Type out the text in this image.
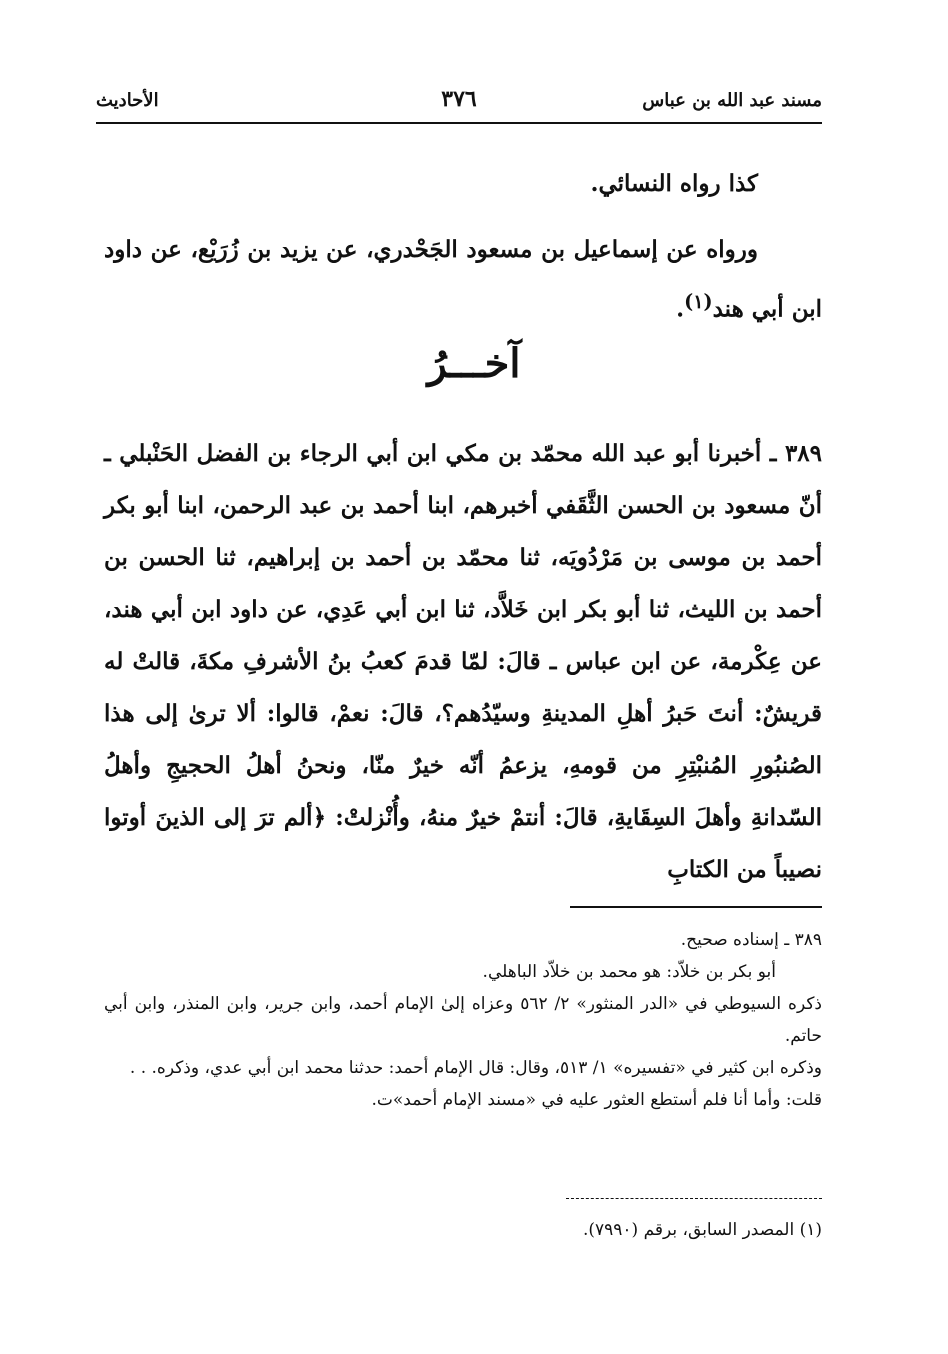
مسند عبد الله بن عباس
٣٧٦
الأحاديث
كذا رواه النسائي.
ورواه عن إسماعيل بن مسعود الجَحْدري، عن يزيد بن زُرَيْع، عن داود ابن أبي هند$^{(١)}$.
آخـــرُ
٣٨٩ ـ أخبرنا أبو عبد الله محمّد بن مكي ابن أبي الرجاء بن الفضل الحَنْبلي ـ أنّ مسعود بن الحسن الثَّقَفي أخبرهم، ابنا أحمد بن عبد الرحمن، ابنا أبو بكر أحمد بن موسى بن مَرْدُويَه، ثنا محمّد بن أحمد بن إبراهيم، ثنا الحسن بن أحمد بن الليث، ثنا أبو بكر ابن خَلاَّد، ثنا ابن أبي عَدِي، عن داود ابن أبي هند، عن عِكْرمة، عن ابن عباس ـ قالَ: لمّا قدمَ كعبُ بنُ الأشرفِ مكةَ، قالتْ له قريشٌ: أنتَ حَبرُ أهلِ المدينةِ وسيّدُهم؟، قالَ: نعمْ، قالوا: ألا ترىٰ إلى هذا الصُنبُورِ المُنبْتِرِ من قومهِ، يزعمُ أنّه خيرٌ منّا، ونحنُ أهلُ الحجيجِ وأهلُ السّدانةِ وأهلَ السِقَايةِ، قالَ: أنتمْ خيرٌ منهُ، وأُنْزلتْ: ﴿ألم ترَ إلى الذينَ أوتوا نصيباً من الكتابِ

٣٨٩ ـ إسناده صحيح.

أبو بكر بن خلاّد: هو محمد بن خلاّد الباهلي.

ذكره السيوطي في «الدر المنثور» ٢/ ٥٦٢ وعزاه إلىٰ الإمام أحمد، وابن جرير، وابن المنذر، وابن أبي حاتم.

وذكره ابن كثير في «تفسيره» ١/ ٥١٣، وقال: قال الإمام أحمد: حدثنا محمد ابن أبي عدي، وذكره. . .

قلت: وأما أنا فلم أستطع العثور عليه في «مسند الإمام أحمد»ت.

(١) المصدر السابق، برقم (٧٩٩٠).
